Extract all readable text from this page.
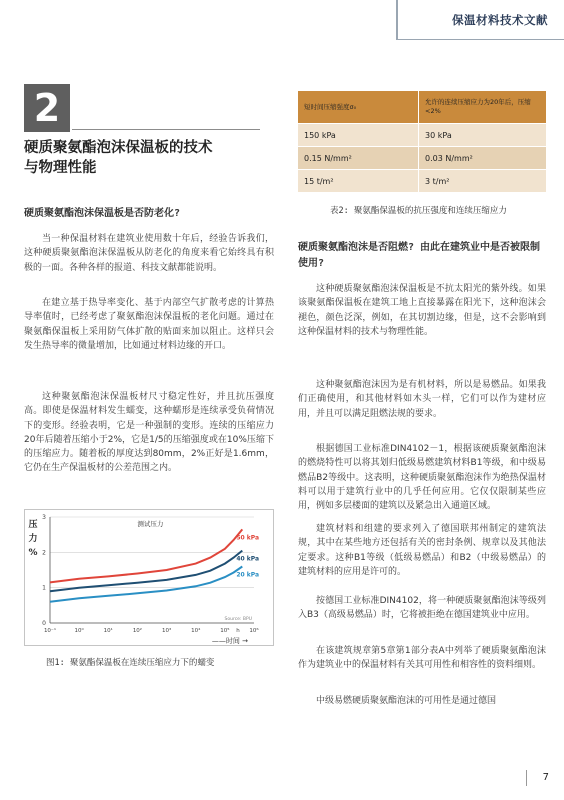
保温材料技术文献
2
硬质聚氨酯泡沫保温板的技术
与物理性能
硬质聚氨酯泡沫保温板是否防老化?

当一种保温材料在建筑业使用数十年后，经验告诉我们，这种硬质聚氨酯泡沫保温板从防老化的角度来看它始终具有积极的一面。各种各样的报道、科技文献都能说明。

在建立基于热导率变化、基于内部空气扩散考虑的计算热导率值时，已经考虑了聚氨酯泡沫保温板的老化问题。通过在聚氨酯保温板上采用防气体扩散的贴面来加以阻止。这样只会发生热导率的微量增加，比如通过材料边缘的开口。

这种聚氨酯泡沫保温板材尺寸稳定性好，并且抗压强度高。即使是保温材料发生蠕变，这种蠕形是连续承受负荷情况下的变形。经验表明，它是一种强制的变形。连续的压缩应力20年后随着压缩小于2%，它是1/5的压缩强度或在10%压缩下的压缩应力。随着板的厚度达到80mm，2%正好是1.6mm，它仍在生产保温板材的公差范围之内。

压力 %
0
1
2
3
10⁻¹	10⁰	10¹	10²	10³	10⁴	10⁵ h 10⁶
——时间 →
测试压力
Source: BPU
50 kPa
40 kPa
20 kPa
图1: 聚氨酯保温板在连续压缩应力下的蠕变
短时间压缩强度σ₀	允许的连续压缩应力为20年后，压缩<2%
150 kPa	30 kPa
0.15 N/mm²	0.03 N/mm²
15 t/m²	3 t/m²
表2: 聚氨酯保温板的抗压强度和连续压缩应力
硬质聚氨酯泡沫是否阻燃? 由此在建筑业中是否被限制使用?

这种硬质聚氨酯泡沫保温板是不抗太阳光的紫外线。如果该聚氨酯保温板在建筑工地上直接暴露在阳光下，这种泡沫会褪色，颜色泛深，例如，在其切割边缘，但是，这不会影响到这种保温材料的技术与物理性能。

这种聚氨酯泡沫因为是有机材料，所以是易燃品。如果我们正确使用，和其他材料如木头一样，它们可以作为建材应用，并且可以满足阻燃法规的要求。

根据德国工业标准DIN4102－1，根据该硬质聚氨酯泡沫的燃烧特性可以将其划归低级易燃建筑材料B1等级，和中级易燃品B2等级中。这表明，这种硬质聚氨酯泡沫作为绝热保温材料可以用于建筑行业中的几乎任何应用。它仅仅限制某些应用，例如多层楼面的建筑以及紧急出入通道区域。

建筑材料和组建的要求列入了德国联邦州制定的建筑法规，其中在某些地方还包括有关的密封条例、规章以及其他法定要求。这种B1等级（低级易燃品）和B2（中级易燃品）的建筑材料的应用是许可的。

按德国工业标准DIN4102，将一种硬质聚氨酯泡沫等级列入B3（高级易燃品）时，它将被拒绝在德国建筑业中应用。

在该建筑规章第5章第1部分表A中列举了硬质聚氨酯泡沫作为建筑业中的保温材料有关其可用性和相容性的资料细则。

中级易燃硬质聚氨酯泡沫的可用性是通过德国

7
